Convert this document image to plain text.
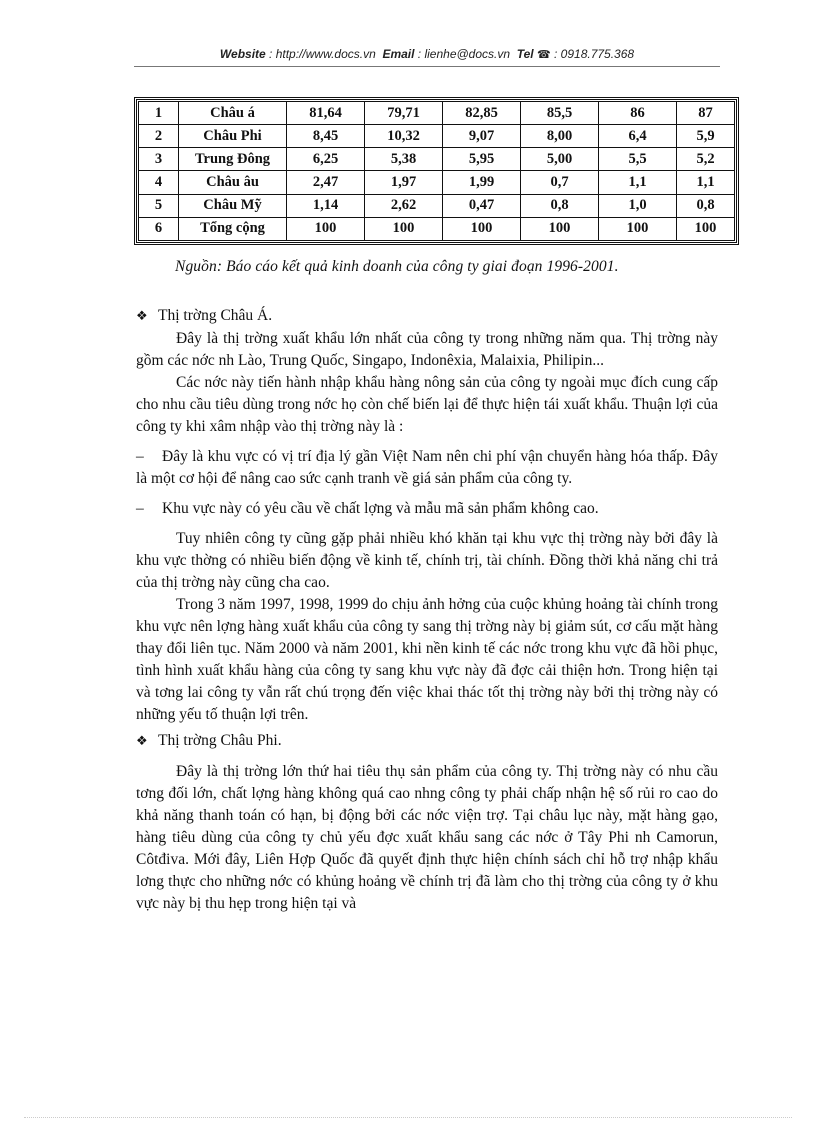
Website : http://www.docs.vn Email : lienhe@docs.vn Tel ☎ : 0918.775.368
1	Châu á	81,64	79,71	82,85	85,5	86	87
2	Châu Phi	8,45	10,32	9,07	8,00	6,4	5,9
3	Trung Đông	6,25	5,38	5,95	5,00	5,5	5,2
4	Châu âu	2,47	1,97	1,99	0,7	1,1	1,1
5	Châu Mỹ	1,14	2,62	0,47	0,8	1,0	0,8
6	Tổng cộng	100	100	100	100	100	100
Nguồn: Báo cáo kết quả kinh doanh của công ty giai đoạn 1996-2001.

❖ Thị trờng Châu Á.

Đây là thị trờng xuất khẩu lớn nhất của công ty trong những năm qua. Thị trờng này gồm các nớc nh Lào, Trung Quốc, Singapo, Indonêxia, Malaixia, Philipin...

Các nớc này tiến hành nhập khẩu hàng nông sản của công ty ngoài mục đích cung cấp cho nhu cầu tiêu dùng trong nớc họ còn chế biến lại để thực hiện tái xuất khẩu. Thuận lợi của công ty khi xâm nhập vào thị trờng này là :

– Đây là khu vực có vị trí địa lý gần Việt Nam nên chi phí vận chuyển hàng hóa thấp. Đây là một cơ hội để nâng cao sức cạnh tranh về giá sản phẩm của công ty.

– Khu vực này có yêu cầu về chất lợng và mẫu mã sản phẩm không cao.

Tuy nhiên công ty cũng gặp phải nhiều khó khăn tại khu vực thị trờng này bởi đây là khu vực thờng có nhiều biến động về kinh tế, chính trị, tài chính. Đồng thời khả năng chi trả của thị trờng này cũng cha cao.

Trong 3 năm 1997, 1998, 1999 do chịu ảnh hởng của cuộc khủng hoảng tài chính trong khu vực nên lợng hàng xuất khẩu của công ty sang thị trờng này bị giảm sút, cơ cấu mặt hàng thay đổi liên tục. Năm 2000 và năm 2001, khi nền kinh tế các nớc trong khu vực đã hồi phục, tình hình xuất khẩu hàng của công ty sang khu vực này đã đợc cải thiện hơn. Trong hiện tại và tơng lai công ty vẫn rất chú trọng đến việc khai thác tốt thị trờng này bởi thị trờng này có những yếu tố thuận lợi trên.

❖ Thị trờng Châu Phi.

Đây là thị trờng lớn thứ hai tiêu thụ sản phẩm của công ty. Thị trờng này có nhu cầu tơng đối lớn, chất lợng hàng không quá cao nhng công ty phải chấp nhận hệ số rủi ro cao do khả năng thanh toán có hạn, bị động bởi các nớc viện trợ. Tại châu lục này, mặt hàng gạo, hàng tiêu dùng của công ty chủ yếu đợc xuất khẩu sang các nớc ở Tây Phi nh Camorun, Côtđiva. Mới đây, Liên Hợp Quốc đã quyết định thực hiện chính sách chỉ hỗ trợ nhập khẩu lơng thực cho những nớc có khủng hoảng về chính trị đã làm cho thị trờng của công ty ở khu vực này bị thu hẹp trong hiện tại và
